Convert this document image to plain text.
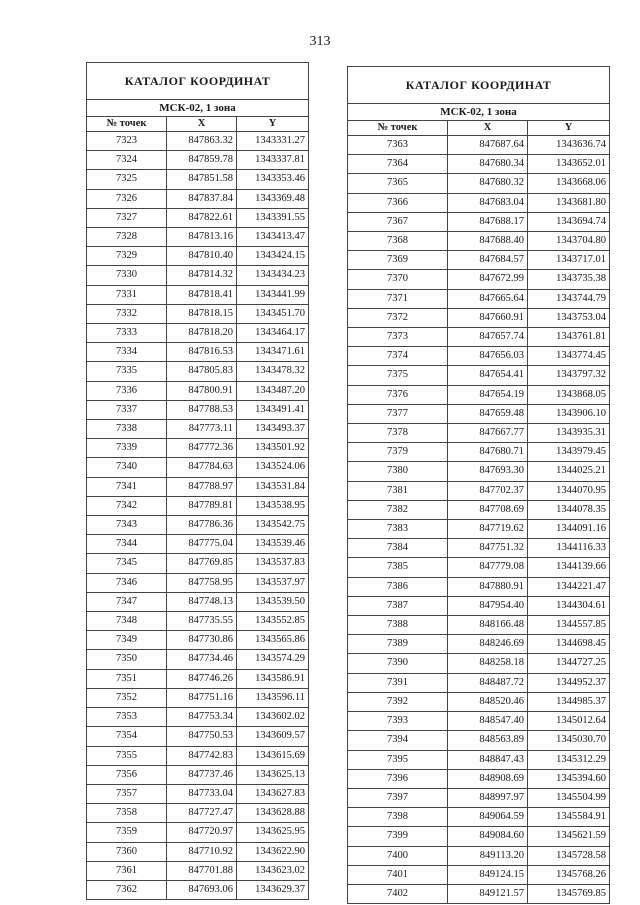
313
КАТАЛОГ КООРДИНАТ		
МСК-02, 1 зона		
№ точек	X	Y
7323	847863.32	1343331.27
7324	847859.78	1343337.81
7325	847851.58	1343353.46
7326	847837.84	1343369.48
7327	847822.61	1343391.55
7328	847813.16	1343413.47
7329	847810.40	1343424.15
7330	847814.32	1343434.23
7331	847818.41	1343441.99
7332	847818.15	1343451.70
7333	847818.20	1343464.17
7334	847816.53	1343471.61
7335	847805.83	1343478.32
7336	847800.91	1343487.20
7337	847788.53	1343491.41
7338	847773.11	1343493.37
7339	847772.36	1343501.92
7340	847784.63	1343524.06
7341	847788.97	1343531.84
7342	847789.81	1343538.95
7343	847786.36	1343542.75
7344	847775.04	1343539.46
7345	847769.85	1343537.83
7346	847758.95	1343537.97
7347	847748.13	1343539.50
7348	847735.55	1343552.85
7349	847730.86	1343565.86
7350	847734.46	1343574.29
7351	847746.26	1343586.91
7352	847751.16	1343596.11
7353	847753.34	1343602.02
7354	847750.53	1343609.57
7355	847742.83	1343615.69
7356	847737.46	1343625.13
7357	847733.04	1343627.83
7358	847727.47	1343628.88
7359	847720.97	1343625.95
7360	847710.92	1343622.90
7361	847701.88	1343623.02
7362	847693.06	1343629.37
КАТАЛОГ КООРДИНАТ		
МСК-02, 1 зона		
№ точек	X	Y
7363	847687.64	1343636.74
7364	847680.34	1343652.01
7365	847680.32	1343668.06
7366	847683.04	1343681.80
7367	847688.17	1343694.74
7368	847688.40	1343704.80
7369	847684.57	1343717.01
7370	847672.99	1343735.38
7371	847665.64	1343744.79
7372	847660.91	1343753.04
7373	847657.74	1343761.81
7374	847656.03	1343774.45
7375	847654.41	1343797.32
7376	847654.19	1343868.05
7377	847659.48	1343906.10
7378	847667.77	1343935.31
7379	847680.71	1343979.45
7380	847693.30	1344025.21
7381	847702.37	1344070.95
7382	847708.69	1344078.35
7383	847719.62	1344091.16
7384	847751.32	1344116.33
7385	847779.08	1344139.66
7386	847880.91	1344221.47
7387	847954.40	1344304.61
7388	848166.48	1344557.85
7389	848246.69	1344698.45
7390	848258.18	1344727.25
7391	848487.72	1344952.37
7392	848520.46	1344985.37
7393	848547.40	1345012.64
7394	848563.89	1345030.70
7395	848847.43	1345312.29
7396	848908.69	1345394.60
7397	848997.97	1345504.99
7398	849064.59	1345584.91
7399	849084.60	1345621.59
7400	849113.20	1345728.58
7401	849124.15	1345768.26
7402	849121.57	1345769.85
